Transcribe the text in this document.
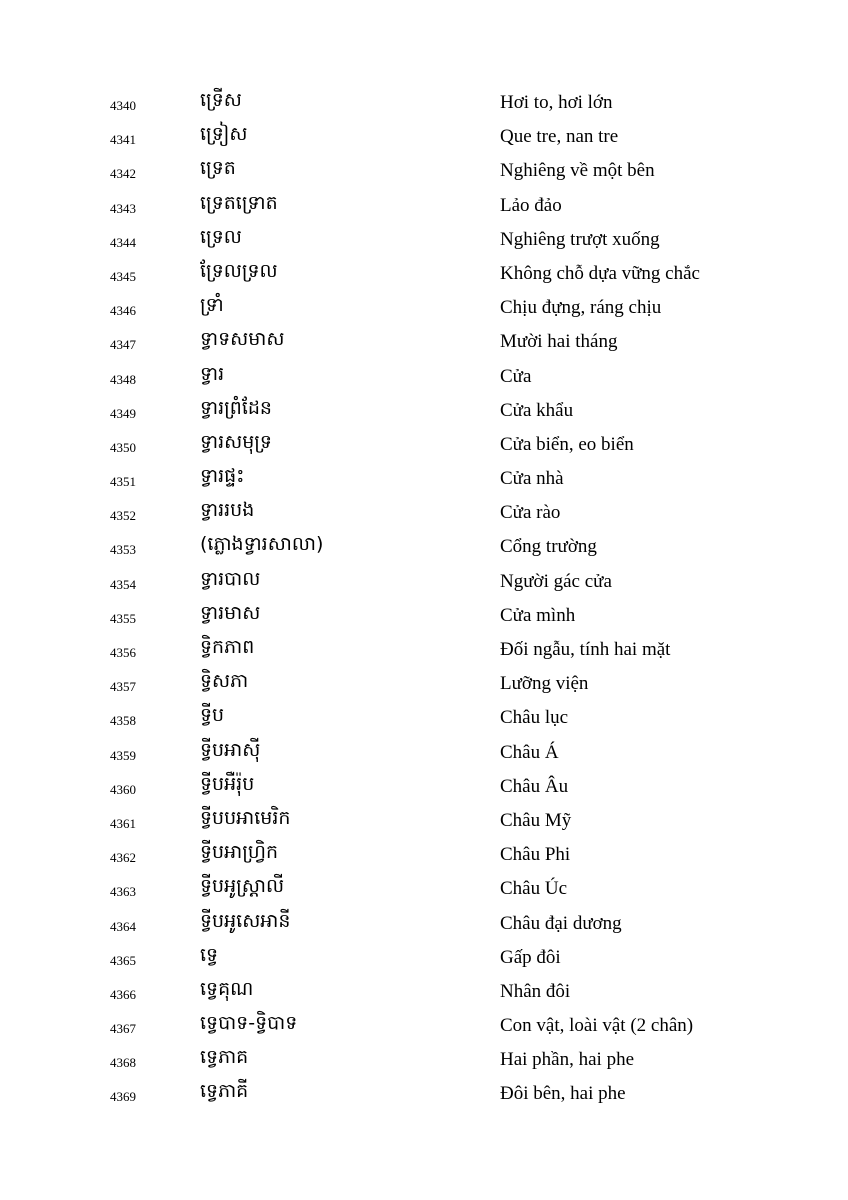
4340	ទ្រើស	Hơi to, hơi lớn
4341	ទ្រៀស	Que tre, nan tre
4342	ទ្រេត	Nghiêng về một bên
4343	ទ្រេតទ្រោត	Lảo đảo
4344	ទ្រេល	Nghiêng trượt xuống
4345	ទ្រែលទ្រល	Không chỗ dựa vững chắc
4346	ទ្រាំ	Chịu đựng, ráng chịu
4347	ទ្វាទសមាស	Mười hai tháng
4348	ទ្វារ	Cửa
4349	ទ្វារព្រំដែន	Cửa khẩu
4350	ទ្វារសមុទ្រ	Cửa biển, eo biển
4351	ទ្វារផ្ទះ	Cửa nhà
4352	ទ្វាររបង	Cửa rào
4353	(ភ្លោងទ្វារសាលា)	Cổng trường
4354	ទ្វារបាល	Người gác cửa
4355	ទ្វារមាស	Cửa mình
4356	ទ្វិកភាព	Đối ngẫu, tính hai mặt
4357	ទ្វិសភា	Lưỡng viện
4358	ទ្វីប	Châu lục
4359	ទ្វីបអាស៊ី	Châu Á
4360	ទ្វីបអឺរ៉ុប	Châu Âu
4361	ទ្វីបបអាមេរិក	Châu Mỹ
4362	ទ្វីបអាហ្វ្រិក	Châu Phi
4363	ទ្វីបអូស្ត្រាលី	Châu Úc
4364	ទ្វីបអូសេអានី	Châu đại dương
4365	ទ្វេ	Gấp đôi
4366	ទ្វេគុណ	Nhân đôi
4367	ទ្វេបាទ-ទ្វិបាទ	Con vật, loài vật (2 chân)
4368	ទ្វេភាគ	Hai phần, hai phe
4369	ទ្វេភាគី	Đôi bên, hai phe
